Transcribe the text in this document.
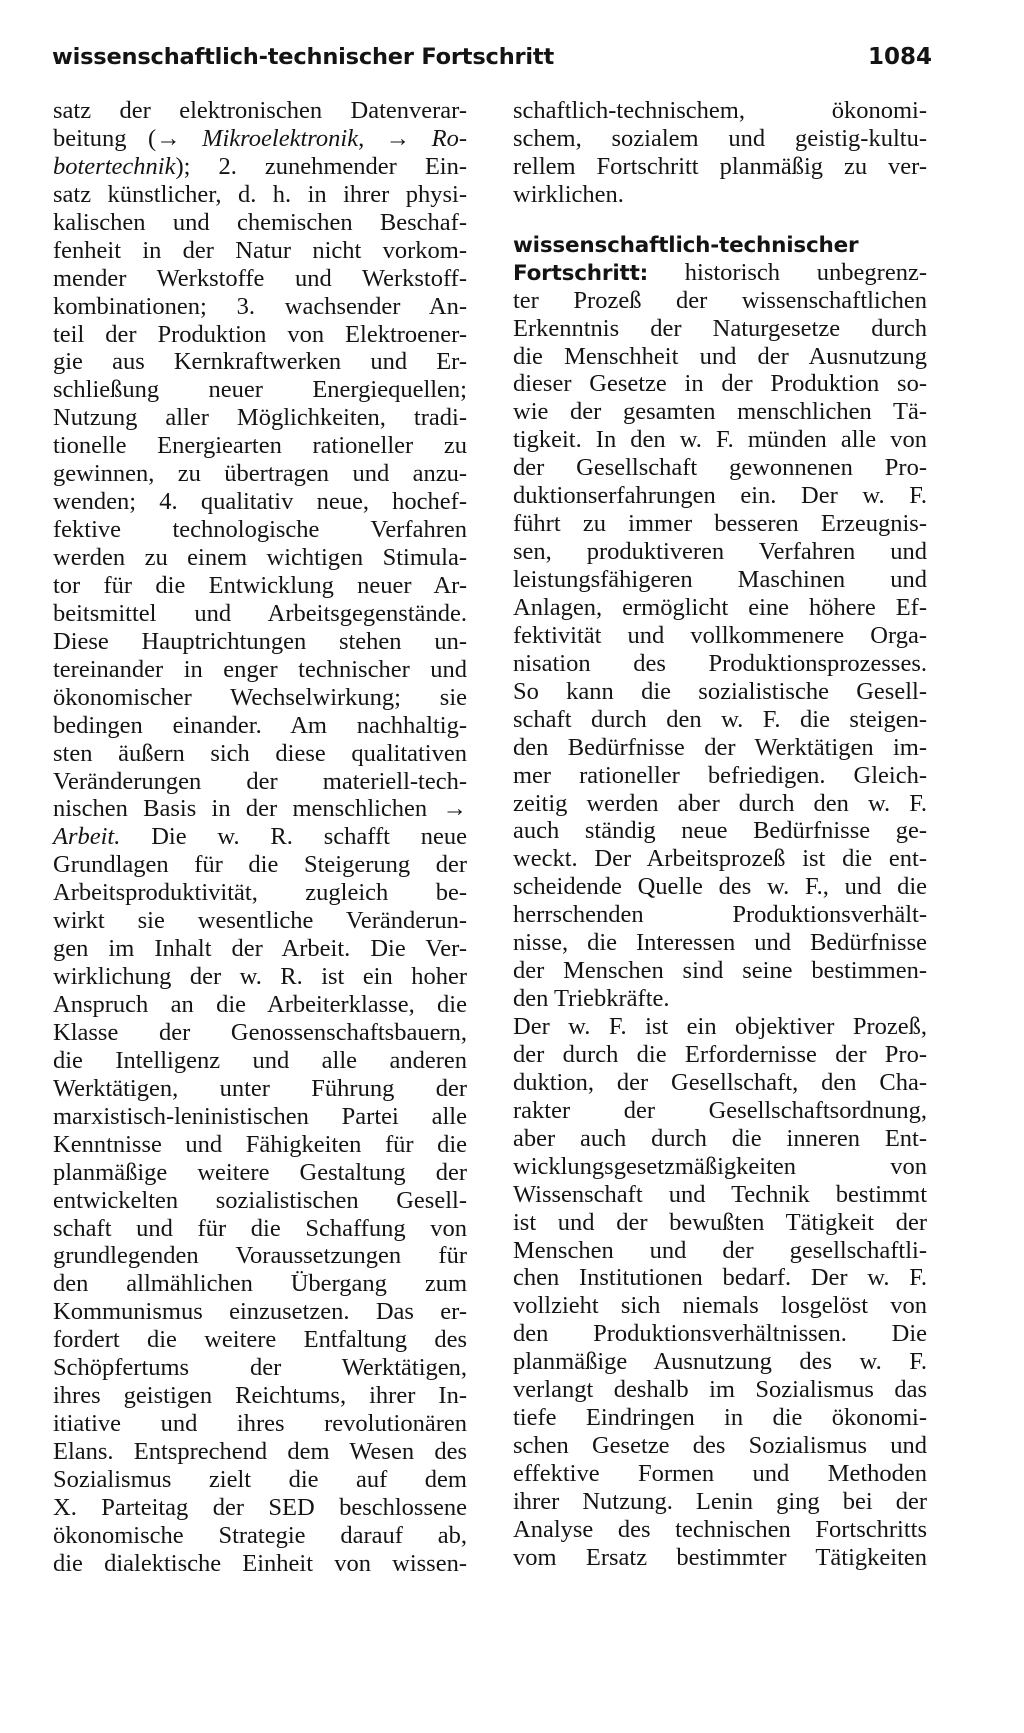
wissenschaftlich-technischer Fortschritt	1084
satz der elektronischen Datenverar-
beitung (→ Mikroelektronik, → Ro-
botertechnik); 2. zunehmender Ein-
satz künstlicher, d. h. in ihrer physi-
kalischen und chemischen Beschaf-
fenheit in der Natur nicht vorkom-
mender Werkstoffe und Werkstoff-
kombinationen; 3. wachsender An-
teil der Produktion von Elektroener-
gie aus Kernkraftwerken und Er-
schließung neuer Energiequellen;
Nutzung aller Möglichkeiten, tradi-
tionelle Energiearten rationeller zu
gewinnen, zu übertragen und anzu-
wenden; 4. qualitativ neue, hochef-
fektive technologische Verfahren
werden zu einem wichtigen Stimula-
tor für die Entwicklung neuer Ar-
beitsmittel und Arbeitsgegenstände.
Diese Hauptrichtungen stehen un-
tereinander in enger technischer und
ökonomischer Wechselwirkung; sie
bedingen einander. Am nachhaltig-
sten äußern sich diese qualitativen
Veränderungen der materiell-tech-
nischen Basis in der menschlichen →
Arbeit. Die w. R. schafft neue
Grundlagen für die Steigerung der
Arbeitsproduktivität, zugleich be-
wirkt sie wesentliche Veränderun-
gen im Inhalt der Arbeit. Die Ver-
wirklichung der w. R. ist ein hoher
Anspruch an die Arbeiterklasse, die
Klasse der Genossenschaftsbauern,
die Intelligenz und alle anderen
Werktätigen, unter Führung der
marxistisch-leninistischen Partei alle
Kenntnisse und Fähigkeiten für die
planmäßige weitere Gestaltung der
entwickelten sozialistischen Gesell-
schaft und für die Schaffung von
grundlegenden Voraussetzungen für
den allmählichen Übergang zum
Kommunismus einzusetzen. Das er-
fordert die weitere Entfaltung des
Schöpfertums der Werktätigen,
ihres geistigen Reichtums, ihrer In-
itiative und ihres revolutionären
Elans. Entsprechend dem Wesen des
Sozialismus zielt die auf dem
X. Parteitag der SED beschlossene
ökonomische Strategie darauf ab,
die dialektische Einheit von wissen-
schaftlich-technischem, ökonomi-
schem, sozialem und geistig-kultu-
rellem Fortschritt planmäßig zu ver-
wirklichen.
wissenschaftlich-technischer
Fortschritt: historisch unbegrenz-
ter Prozeß der wissenschaftlichen
Erkenntnis der Naturgesetze durch
die Menschheit und der Ausnutzung
dieser Gesetze in der Produktion so-
wie der gesamten menschlichen Tä-
tigkeit. In den w. F. münden alle von
der Gesellschaft gewonnenen Pro-
duktionserfahrungen ein. Der w. F.
führt zu immer besseren Erzeugnis-
sen, produktiveren Verfahren und
leistungsfähigeren Maschinen und
Anlagen, ermöglicht eine höhere Ef-
fektivität und vollkommenere Orga-
nisation des Produktionsprozesses.
So kann die sozialistische Gesell-
schaft durch den w. F. die steigen-
den Bedürfnisse der Werktätigen im-
mer rationeller befriedigen. Gleich-
zeitig werden aber durch den w. F.
auch ständig neue Bedürfnisse ge-
weckt. Der Arbeitsprozeß ist die ent-
scheidende Quelle des w. F., und die
herrschenden Produktionsverhält-
nisse, die Interessen und Bedürfnisse
der Menschen sind seine bestimmen-
den Triebkräfte.
Der w. F. ist ein objektiver Prozeß,
der durch die Erfordernisse der Pro-
duktion, der Gesellschaft, den Cha-
rakter der Gesellschaftsordnung,
aber auch durch die inneren Ent-
wicklungsgesetzmäßigkeiten von
Wissenschaft und Technik bestimmt
ist und der bewußten Tätigkeit der
Menschen und der gesellschaftli-
chen Institutionen bedarf. Der w. F.
vollzieht sich niemals losgelöst von
den Produktionsverhältnissen. Die
planmäßige Ausnutzung des w. F.
verlangt deshalb im Sozialismus das
tiefe Eindringen in die ökonomi-
schen Gesetze des Sozialismus und
effektive Formen und Methoden
ihrer Nutzung. Lenin ging bei der
Analyse des technischen Fortschritts
vom Ersatz bestimmter Tätigkeiten
